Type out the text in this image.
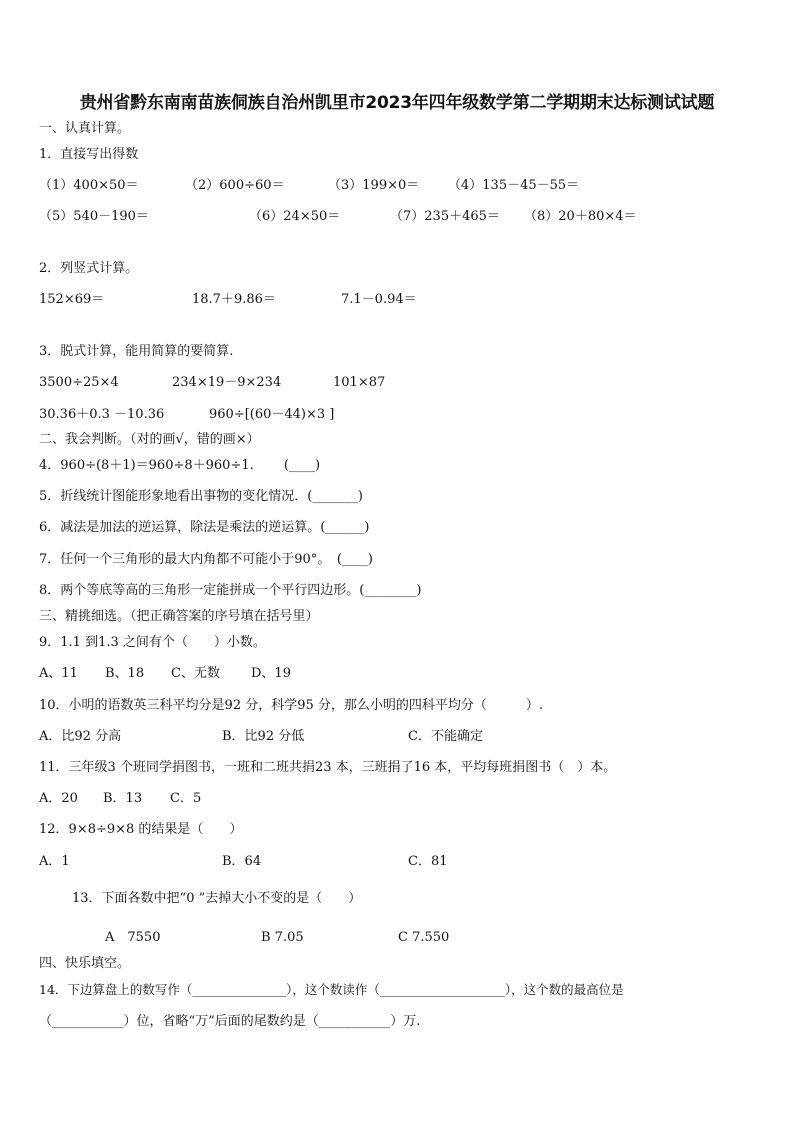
贵州省黔东南南苗族侗族自治州凯里市2023年四年级数学第二学期期末达标测试试题
一、认真计算。
1．直接写出得数
（1）400×50＝	（2）600÷60＝	（3）199×0＝ （4）135－45－55＝
（5）540－190＝	（6）24×50＝	（7）235＋465＝ （8）20＋80×4＝
2．列竖式计算。
152×69＝	18.7＋9.86＝	7.1－0.94＝
3．脱式计算，能用简算的要简算.
3500÷25×4	234×19－9×234	101×87
30.36＋0.3 －10.36	960÷[(60－44)×3 ]
二、我会判断。（对的画√，错的画×）
4．960÷(8＋1)＝960÷8＋960÷1.　　 (____)
5．折线统计图能形象地看出事物的变化情况．(_______)
6．减法是加法的逆运算，除法是乘法的逆运算。(______)
7．任何一个三角形的最大内角都不可能小于90°。　(____)
8．两个等底等高的三角形一定能拼成一个平行四边形。(________)
三、精挑细选。（把正确答案的序号填在括号里）
9．1.1 到1.3 之间有个（　　）小数。
A、11 B、18 C、无数 D、19
10．小明的语数英三科平均分是92 分，科学95 分，那么小明的四科平均分（　　　）.
A．比92 分高	B．比92 分低	C．不能确定
11．三年级3 个班同学捐图书，一班和二班共捐23 本，三班捐了16 本，平均每班捐图书（　）本。
A．20 B．13 C．5
12．9×8÷9×8 的结果是（　　）
A．1	B．64	C．81
13．下面各数中把“0 ”去掉大小不变的是（　　）
A　7550	B 7.05	C 7.550
四、快乐填空。
14．下边算盘上的数写作（_______________），这个数读作（____________________），这个数的最高位是
（___________）位，省略“万”后面的尾数约是（___________）万.
